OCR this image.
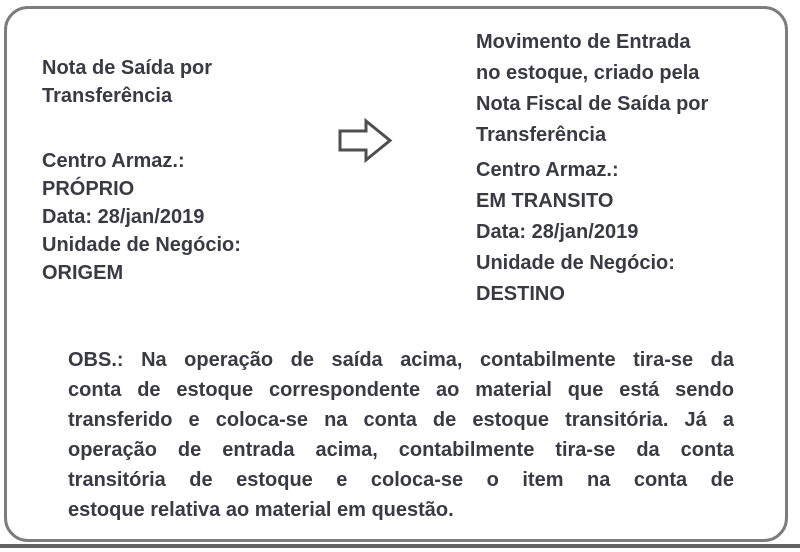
Nota de Saída por
Transferência
Centro Armaz.:
PRÓPRIO
Data: 28/jan/2019
Unidade de Negócio:
ORIGEM
Movimento de Entrada
no estoque, criado pela
Nota Fiscal de Saída por
Transferência
Centro Armaz.:
EM TRANSITO
Data: 28/jan/2019
Unidade de Negócio:
DESTINO
OBS.: Na operação de saída acima, contabilmente tira-se da
conta de estoque correspondente ao material que está sendo
transferido e coloca-se na conta de estoque transitória. Já a
operação de entrada acima, contabilmente tira-se da conta
transitória de estoque e coloca-se o item na conta de
estoque relativa ao material em questão.
